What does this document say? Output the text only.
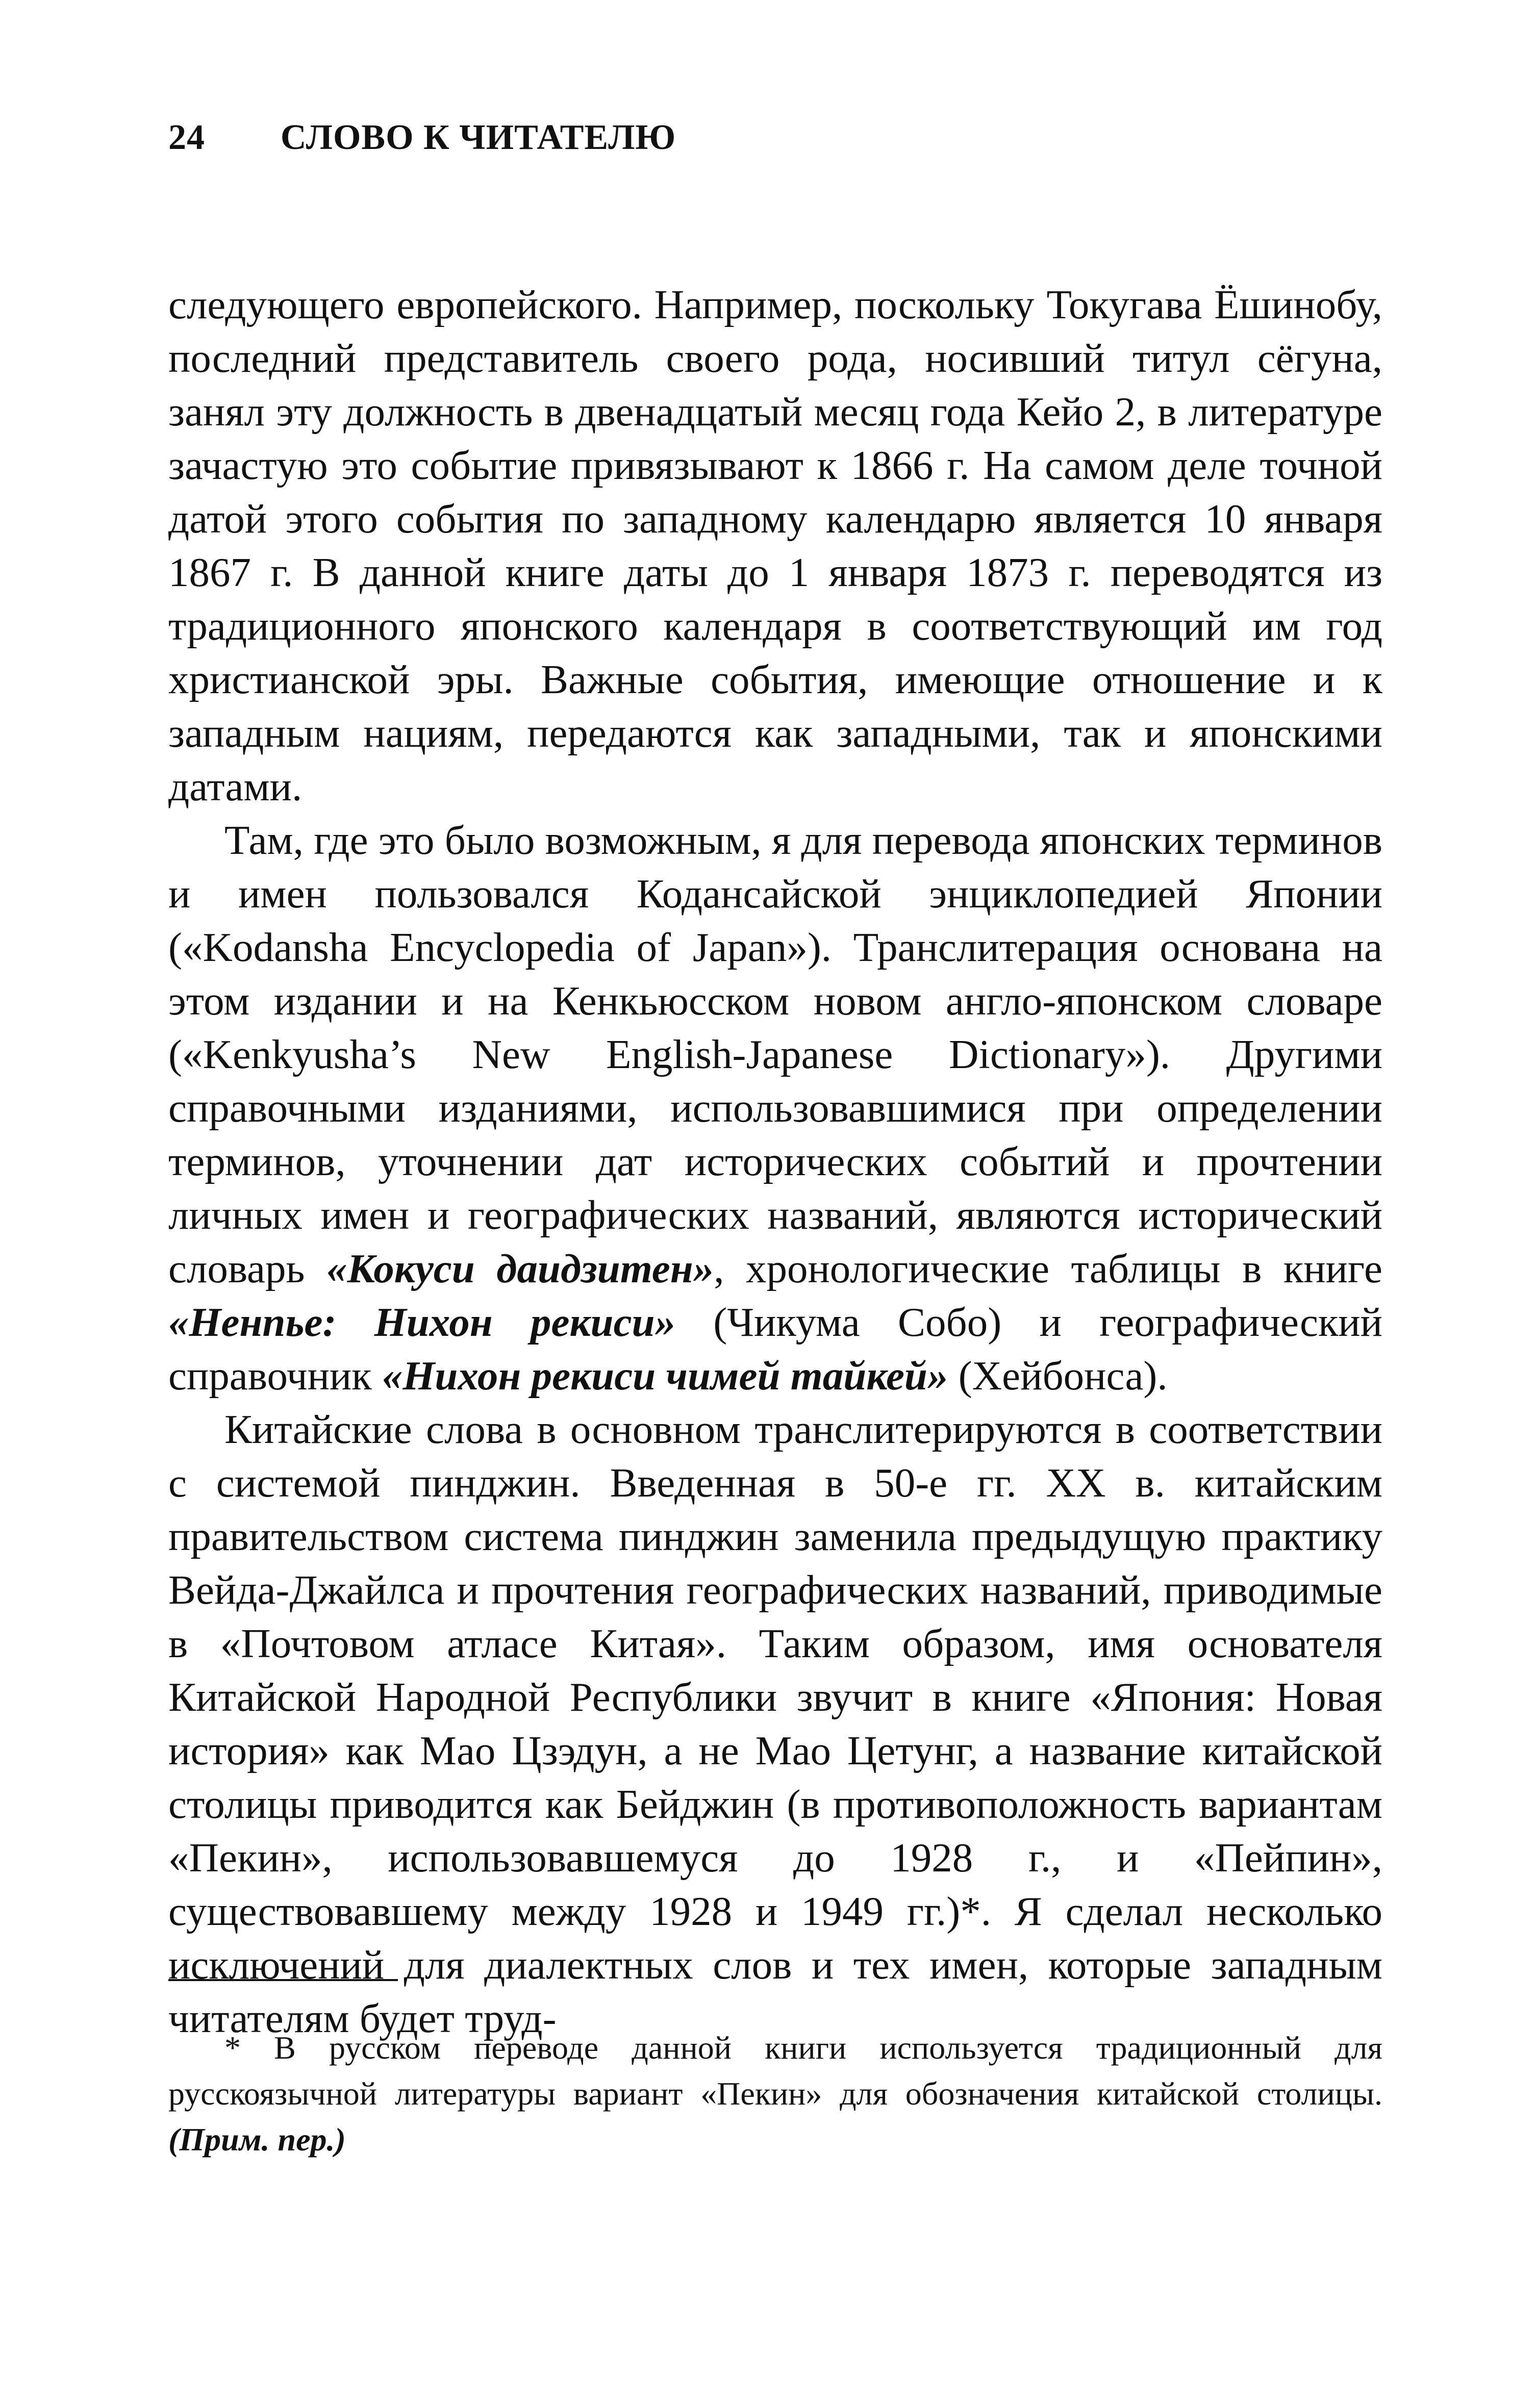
24	СЛОВО К ЧИТАТЕЛЮ

следующего европейского. Например, поскольку Токугава Ёшинобу, последний представитель своего рода, носивший титул сёгуна, занял эту должность в двенадцатый месяц года Кейо 2, в литературе зачастую это событие привязывают к 1866 г. На самом деле точной датой этого события по западному календарю является 10 января 1867 г. В данной книге даты до 1 января 1873 г. переводятся из традиционного японского календаря в соответствующий им год христианской эры. Важные события, имеющие отношение и к западным нациям, передаются как западными, так и японскими датами.

Там, где это было возможным, я для перевода японских терминов и имен пользовался Кодансайской энциклопедией Японии («Kodansha Encyclopedia of Japan»). Транслитерация основана на этом издании и на Кенкьюсском новом англо-японском словаре («Kenkyusha’s New English-Japanese Dictionary»). Другими справочными изданиями, использовавшимися при определении терминов, уточнении дат исторических событий и прочтении личных имен и географических названий, являются исторический словарь «Кокуси даидзитен», хронологические таблицы в книге «Ненпье: Нихон рекиси» (Чикума Собо) и географический справочник «Нихон рекиси чимей тайкей» (Хейбонса).

Китайские слова в основном транслитерируются в соответствии с системой пинджин. Введенная в 50-е гг. XX в. китайским правительством система пинджин заменила предыдущую практику Вейда-Джайлса и прочтения географических названий, приводимые в «Почтовом атласе Китая». Таким образом, имя основателя Китайской Народной Республики звучит в книге «Япония: Новая история» как Мао Цзэдун, а не Мао Цетунг, а название китайской столицы приводится как Бейджин (в противоположность вариантам «Пекин», использовавшемуся до 1928 г., и «Пейпин», существовавшему между 1928 и 1949 гг.)*. Я сделал несколько исключений для диалектных слов и тех имен, которые западным читателям будет труд-

* В русском переводе данной книги используется традиционный для русскоязычной литературы вариант «Пекин» для обозначения китайской столицы. (Прим. пер.)
